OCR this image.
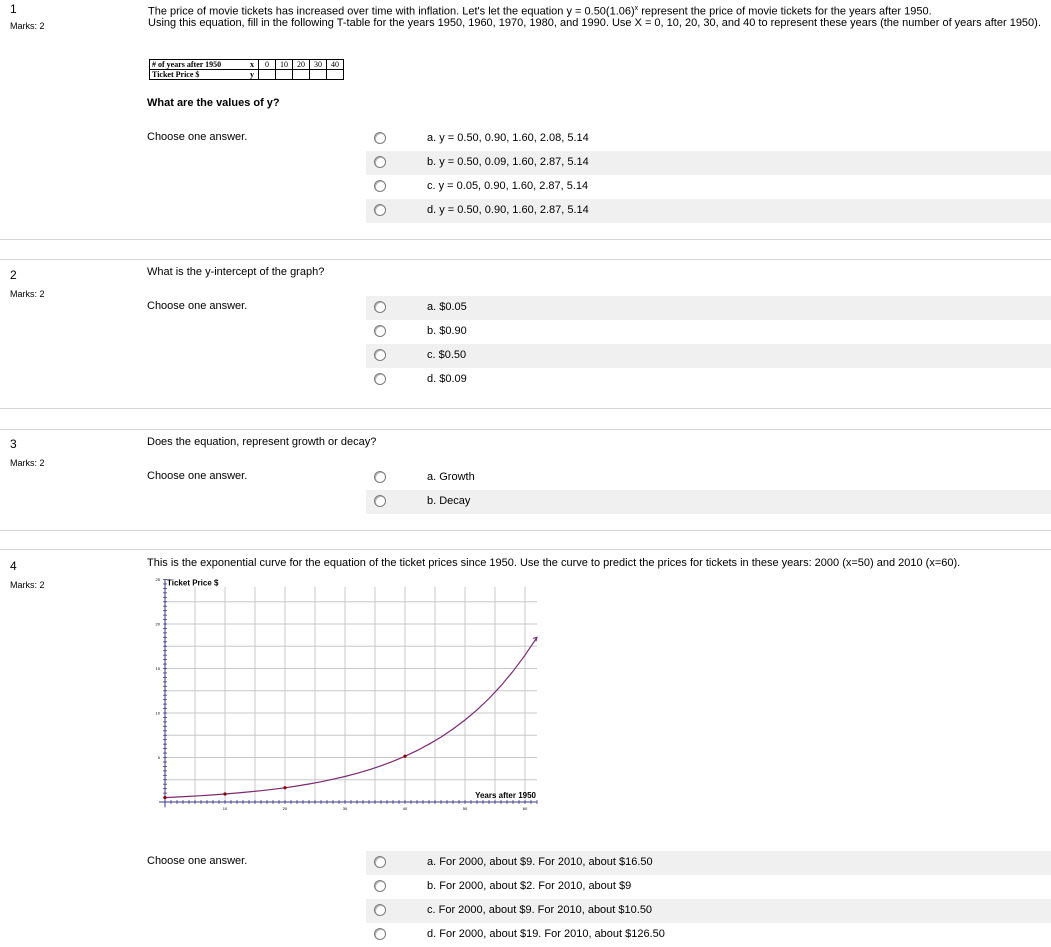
1
Marks: 2
The price of movie tickets has increased over time with inflation. Let's let the equation $y = 0.50(1.06)^x$ represent the price of movie tickets for the years after 1950.
Using this equation, fill in the following T-table for the years 1950, 1960, 1970, 1980, and 1990. Use X = 0, 10, 20, 30, and 40 to represent these years (the number of years after 1950).
# of years after 1950	x	0	10	20	30	40
Ticket Price $	y					
What are the values of y?
Choose one answer.	a. y = 0.50, 0.90, 1.60, 2.08, 5.14
b. y = 0.50, 0.09, 1.60, 2.87, 5.14
c. y = 0.05, 0.90, 1.60, 2.87, 5.14
d. y = 0.50, 0.90, 1.60, 2.87, 5.14
2
Marks: 2
What is the y-intercept of the graph?
Choose one answer.	a. $0.05
b. $0.90
c. $0.50
d. $0.09
3
Marks: 2
Does the equation, represent growth or decay?
Choose one answer.	a. Growth
b. Decay
4
Marks: 2
This is the exponential curve for the equation of the ticket prices since 1950. Use the curve to predict the prices for tickets in these years: 2000 (x=50) and 2010 (x=60).
10	20	30	40	50	60
5
10
15
20
25 Ticket Price $
Years after 1950
Choose one answer.	a. For 2000, about $9. For 2010, about $16.50
b. For 2000, about $2. For 2010, about $9
c. For 2000, about $9. For 2010, about $10.50
d. For 2000, about $19. For 2010, about $126.50
